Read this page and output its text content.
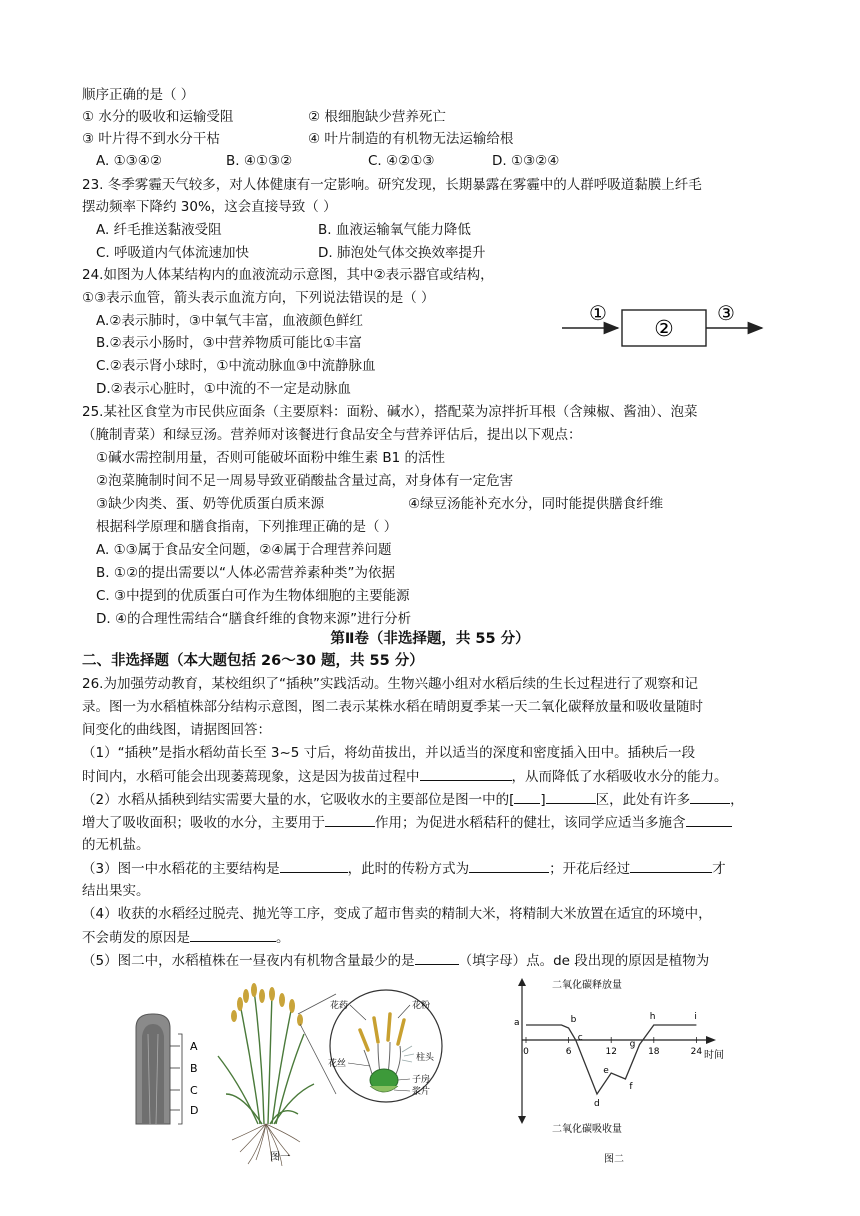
顺序正确的是（ ）
① 水分的吸收和运输受阻	② 根细胞缺少营养死亡
③ 叶片得不到水分干枯	④ 叶片制造的有机物无法运输给根
A. ①③④②	B. ④①③②	C. ④②①③	D. ①③②④
23. 冬季雾霾天气较多，对人体健康有一定影响。研究发现，长期暴露在雾霾中的人群呼吸道黏膜上纤毛
摆动频率下降约 30%，这会直接导致（ ）
A. 纤毛推送黏液受阻	B. 血液运输氧气能力降低
C. 呼吸道内气体流速加快	D. 肺泡处气体交换效率提升
24.如图为人体某结构内的血液流动示意图，其中②表示器官或结构，
①③表示血管，箭头表示血流方向，下列说法错误的是（ ）
A.②表示肺时，③中氧气丰富，血液颜色鲜红
B.②表示小肠时，③中营养物质可能比①丰富
C.②表示肾小球时，①中流动脉血③中流静脉血
D.②表示心脏时，①中流的不一定是动脉血
①
②
③
25.某社区食堂为市民供应面条（主要原料：面粉、碱水），搭配菜为凉拌折耳根（含辣椒、酱油）、泡菜
（腌制青菜）和绿豆汤。营养师对该餐进行食品安全与营养评估后，提出以下观点：
①碱水需控制用量，否则可能破坏面粉中维生素 B1 的活性
②泡菜腌制时间不足一周易导致亚硝酸盐含量过高，对身体有一定危害
③缺少肉类、蛋、奶等优质蛋白质来源	④绿豆汤能补充水分，同时能提供膳食纤维
根据科学原理和膳食指南，下列推理正确的是（ ）
A. ①③属于食品安全问题，②④属于合理营养问题
B. ①②的提出需要以“人体必需营养素种类”为依据
C. ③中提到的优质蛋白可作为生物体细胞的主要能源
D. ④的合理性需结合“膳食纤维的食物来源”进行分析
第Ⅱ卷（非选择题，共 55 分）
二、非选择题（本大题包括 26～30 题，共 55 分）
26.为加强劳动教育，某校组织了“插秧”实践活动。生物兴趣小组对水稻后续的生长过程进行了观察和记
录。图一为水稻植株部分结构示意图，图二表示某株水稻在晴朗夏季某一天二氧化碳释放量和吸收量随时
间变化的曲线图，请据图回答：
（1）“插秧”是指水稻幼苗长至 3~5 寸后，将幼苗拔出，并以适当的深度和密度插入田中。插秧后一段
时间内，水稻可能会出现萎蔫现象，这是因为拔苗过程中	，从而降低了水稻吸收水分的能力。
（2）水稻从插秧到结实需要大量的水，它吸收水的主要部位是图一中的[ ]	区，此处有许多	，
增大了吸收面积；吸收的水分，主要用于	作用；为促进水稻秸秆的健壮，该同学应适当多施含
的无机盐。
（3）图一中水稻花的主要结构是	，此时的传粉方式为	；开花后经过	才
结出果实。
（4）收获的水稻经过脱壳、抛光等工序，变成了超市售卖的精制大米，将精制大米放置在适宜的环境中，
不会萌发的原因是	。
（5）图二中，水稻植株在一昼夜内有机物含量最少的是	（填字母）点。de 段出现的原因是植物为
A
B
C
D
花药	花粉
花丝
柱头
子房
浆片
图一
二氧化碳释放量
二氧化碳吸收量
时间
图二
0	6	12	18	24
a	b
c
d
e
f
g
h	i
